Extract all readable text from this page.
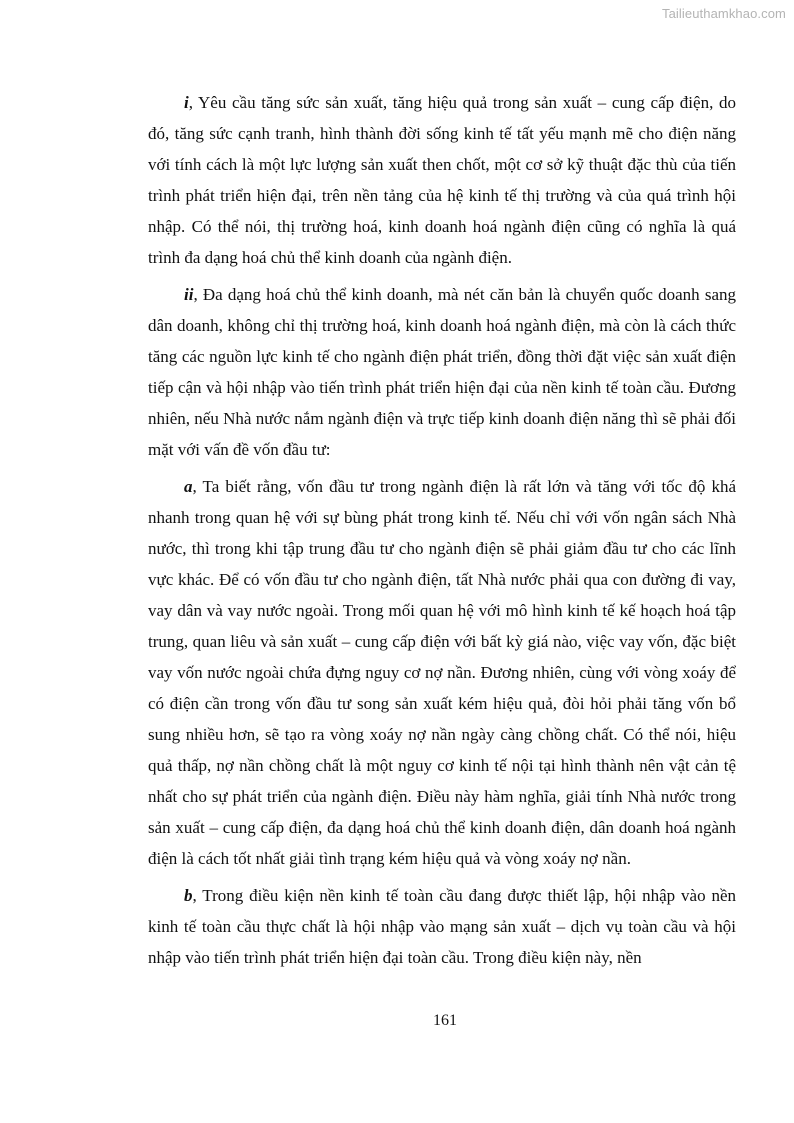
Tailieuthamkhao.com

i, Yêu cầu tăng sức sản xuất, tăng hiệu quả trong sản xuất – cung cấp điện, do đó, tăng sức cạnh tranh, hình thành đời sống kinh tế tất yếu mạnh mẽ cho điện năng với tính cách là một lực lượng sản xuất then chốt, một cơ sở kỹ thuật đặc thù của tiến trình phát triển hiện đại, trên nền tảng của hệ kinh tế thị trường và của quá trình hội nhập. Có thể nói, thị trường hoá, kinh doanh hoá ngành điện cũng có nghĩa là quá trình đa dạng hoá chủ thể kinh doanh của ngành điện.

ii, Đa dạng hoá chủ thể kinh doanh, mà nét căn bản là chuyển quốc doanh sang dân doanh, không chỉ thị trường hoá, kinh doanh hoá ngành điện, mà còn là cách thức tăng các nguồn lực kinh tế cho ngành điện phát triển, đồng thời đặt việc sản xuất điện tiếp cận và hội nhập vào tiến trình phát triển hiện đại của nền kinh tế toàn cầu. Đương nhiên, nếu Nhà nước nắm ngành điện và trực tiếp kinh doanh điện năng thì sẽ phải đối mặt với vấn đề vốn đầu tư:

a, Ta biết rằng, vốn đầu tư trong ngành điện là rất lớn và tăng với tốc độ khá nhanh trong quan hệ với sự bùng phát trong kinh tế. Nếu chỉ với vốn ngân sách Nhà nước, thì trong khi tập trung đầu tư cho ngành điện sẽ phải giảm đầu tư cho các lĩnh vực khác. Để có vốn đầu tư cho ngành điện, tất Nhà nước phải qua con đường đi vay, vay dân và vay nước ngoài. Trong mối quan hệ với mô hình kinh tế kế hoạch hoá tập trung, quan liêu và sản xuất – cung cấp điện với bất kỳ giá nào, việc vay vốn, đặc biệt vay vốn nước ngoài chứa đựng nguy cơ nợ nần. Đương nhiên, cùng với vòng xoáy để có điện cần trong vốn đầu tư song sản xuất kém hiệu quả, đòi hỏi phải tăng vốn bổ sung nhiều hơn, sẽ tạo ra vòng xoáy nợ nần ngày càng chồng chất. Có thể nói, hiệu quả thấp, nợ nần chồng chất là một nguy cơ kinh tế nội tại hình thành nên vật cản tệ nhất cho sự phát triển của ngành điện. Điều này hàm nghĩa, giải tính Nhà nước trong sản xuất – cung cấp điện, đa dạng hoá chủ thể kinh doanh điện, dân doanh hoá ngành điện là cách tốt nhất giải tình trạng kém hiệu quả và vòng xoáy nợ nần.

b, Trong điều kiện nền kinh tế toàn cầu đang được thiết lập, hội nhập vào nền kinh tế toàn cầu thực chất là hội nhập vào mạng sản xuất – dịch vụ toàn cầu và hội nhập vào tiến trình phát triển hiện đại toàn cầu. Trong điều kiện này, nền

161
